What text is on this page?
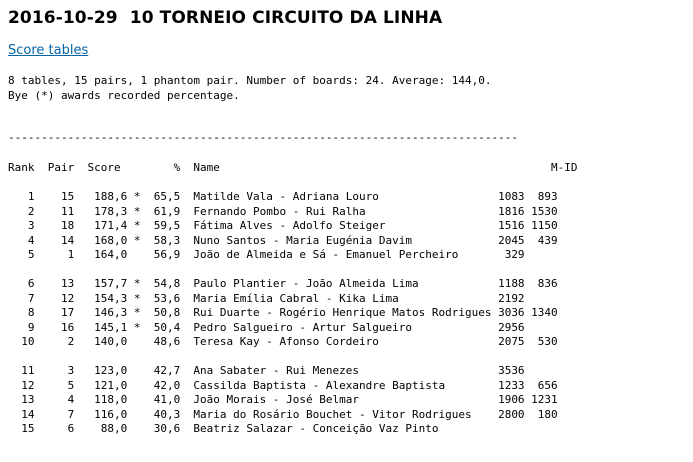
2016-10-29  10 TORNEIO CIRCUITO DA LINHA
Score tables
8 tables, 15 pairs, 1 phantom pair. Number of boards: 24. Average: 144,0.
Bye (*) awards recorded percentage.
-----------------------------------------------------------------------------
Rank  Pair  Score        %  Name                                                  M-ID
1    15   188,6 *  65,5  Matilde Vala - Adriana Louro                  1083  893
2    11   178,3 *  61,9  Fernando Pombo - Rui Ralha                    1816 1530
3    18   171,4 *  59,5  Fátima Alves - Adolfo Steiger                 1516 1150
4    14   168,0 *  58,3  Nuno Santos - Maria Eugénia Davim             2045  439
5     1   164,0    56,9  João de Almeida e Sá - Emanuel Percheiro       329
6    13   157,7 *  54,8  Paulo Plantier - João Almeida Lima            1188  836
7    12   154,3 *  53,6  Maria Emília Cabral - Kika Lima               2192
8    17   146,3 *  50,8  Rui Duarte - Rogério Henrique Matos Rodrigues 3036 1340
9    16   145,1 *  50,4  Pedro Salgueiro - Artur Salgueiro             2956
10     2   140,0    48,6  Teresa Kay - Afonso Cordeiro                  2075  530
11     3   123,0    42,7  Ana Sabater - Rui Menezes                     3536
12     5   121,0    42,0  Cassilda Baptista - Alexandre Baptista        1233  656
13     4   118,0    41,0  João Morais - José Belmar                     1906 1231
14     7   116,0    40,3  Maria do Rosário Bouchet - Vitor Rodrigues    2800  180
15     6    88,0    30,6  Beatriz Salazar - Conceição Vaz Pinto
